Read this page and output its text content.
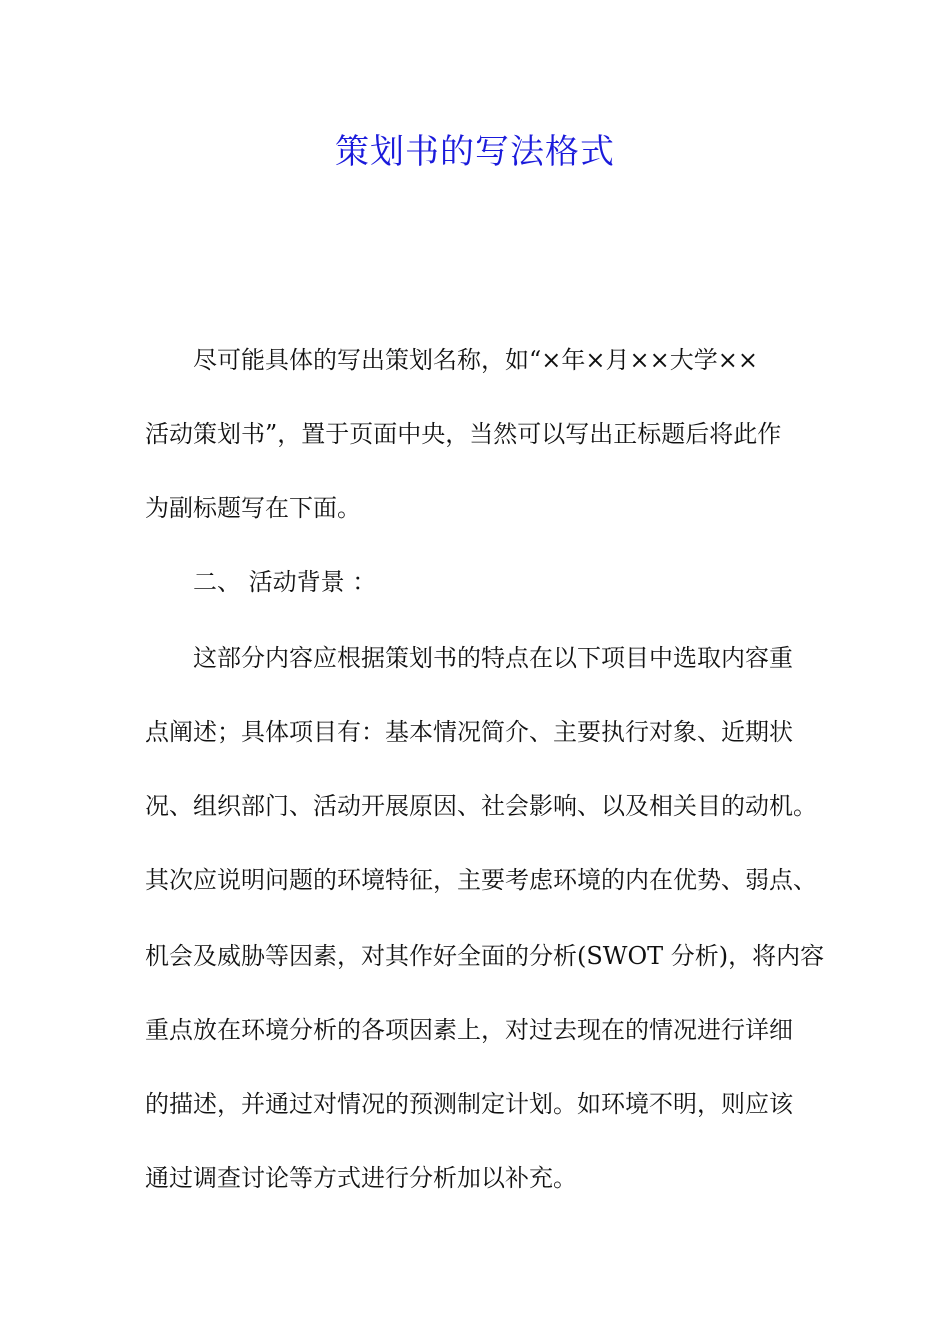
策划书的写法格式
尽可能具体的写出策划名称，如“×年×月××大学××
活动策划书”，置于页面中央，当然可以写出正标题后将此作
为副标题写在下面。
二、 活动背景 ：
这部分内容应根据策划书的特点在以下项目中选取内容重
点阐述；具体项目有：基本情况简介、主要执行对象、近期状
况、组织部门、活动开展原因、社会影响、以及相关目的动机。
其次应说明问题的环境特征，主要考虑环境的内在优势、弱点、
机会及威胁等因素，对其作好全面的分析(SWOT 分析)，将内容
重点放在环境分析的各项因素上，对过去现在的情况进行详细
的描述，并通过对情况的预测制定计划。如环境不明，则应该
通过调查讨论等方式进行分析加以补充。
